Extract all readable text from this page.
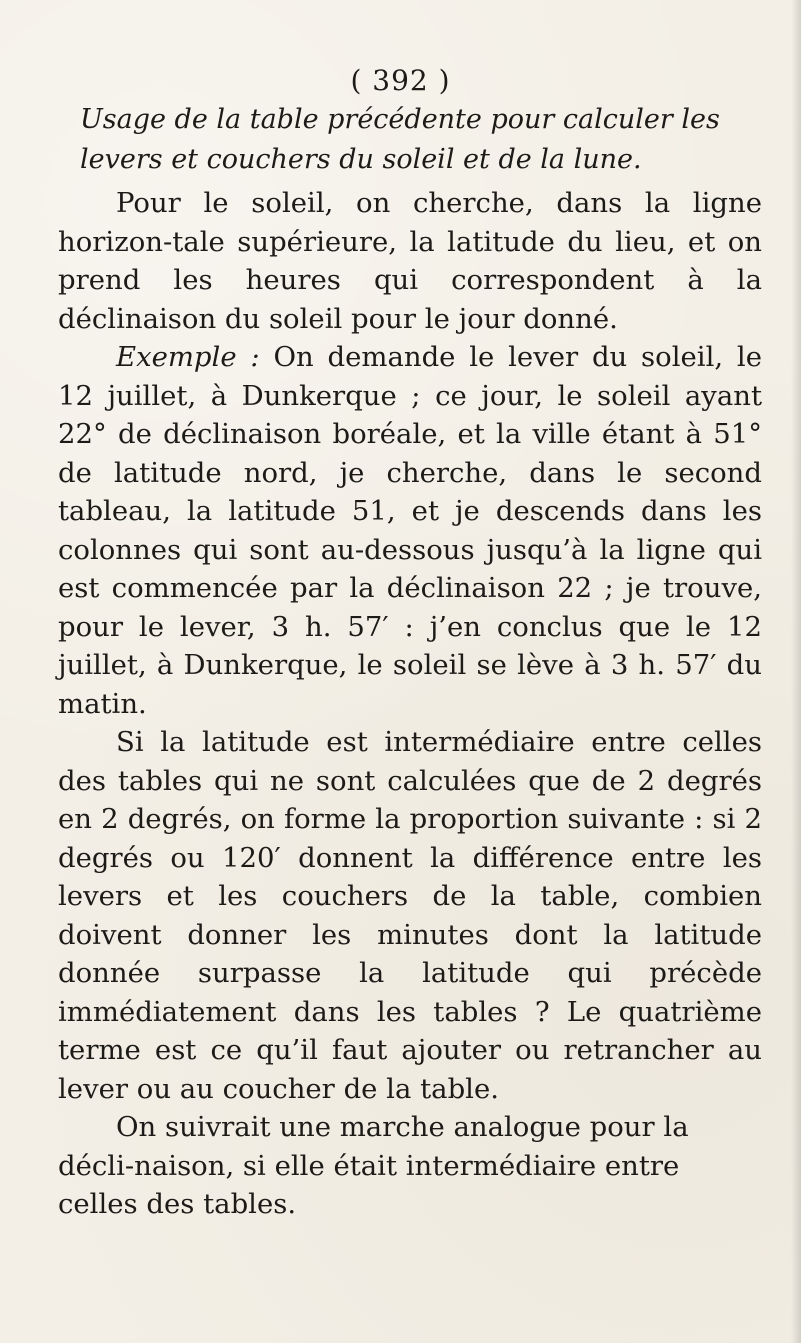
( 392 )
Usage de la table précédente pour calculer les
levers et couchers du soleil et de la lune.

Pour le soleil, on cherche, dans la ligne horizon-tale supérieure, la latitude du lieu, et on prend les heures qui correspondent à la déclinaison du soleil pour le jour donné.

Exemple : On demande le lever du soleil, le 12 juillet, à Dunkerque ; ce jour, le soleil ayant 22° de déclinaison boréale, et la ville étant à 51° de latitude nord, je cherche, dans le second tableau, la latitude 51, et je descends dans les colonnes qui sont au-dessous jusqu’à la ligne qui est commencée par la déclinaison 22 ; je trouve, pour le lever, 3 h. 57′ : j’en conclus que le 12 juillet, à Dunkerque, le soleil se lève à 3 h. 57′ du matin.

Si la latitude est intermédiaire entre celles des tables qui ne sont calculées que de 2 degrés en 2 degrés, on forme la proportion suivante : si 2 degrés ou 120′ donnent la différence entre les levers et les couchers de la table, combien doivent donner les minutes dont la latitude donnée surpasse la latitude qui précède immédiatement dans les tables ? Le quatrième terme est ce qu’il faut ajouter ou retrancher au lever ou au coucher de la table.

On suivrait une marche analogue pour la décli-naison, si elle était intermédiaire entre celles des tables.
